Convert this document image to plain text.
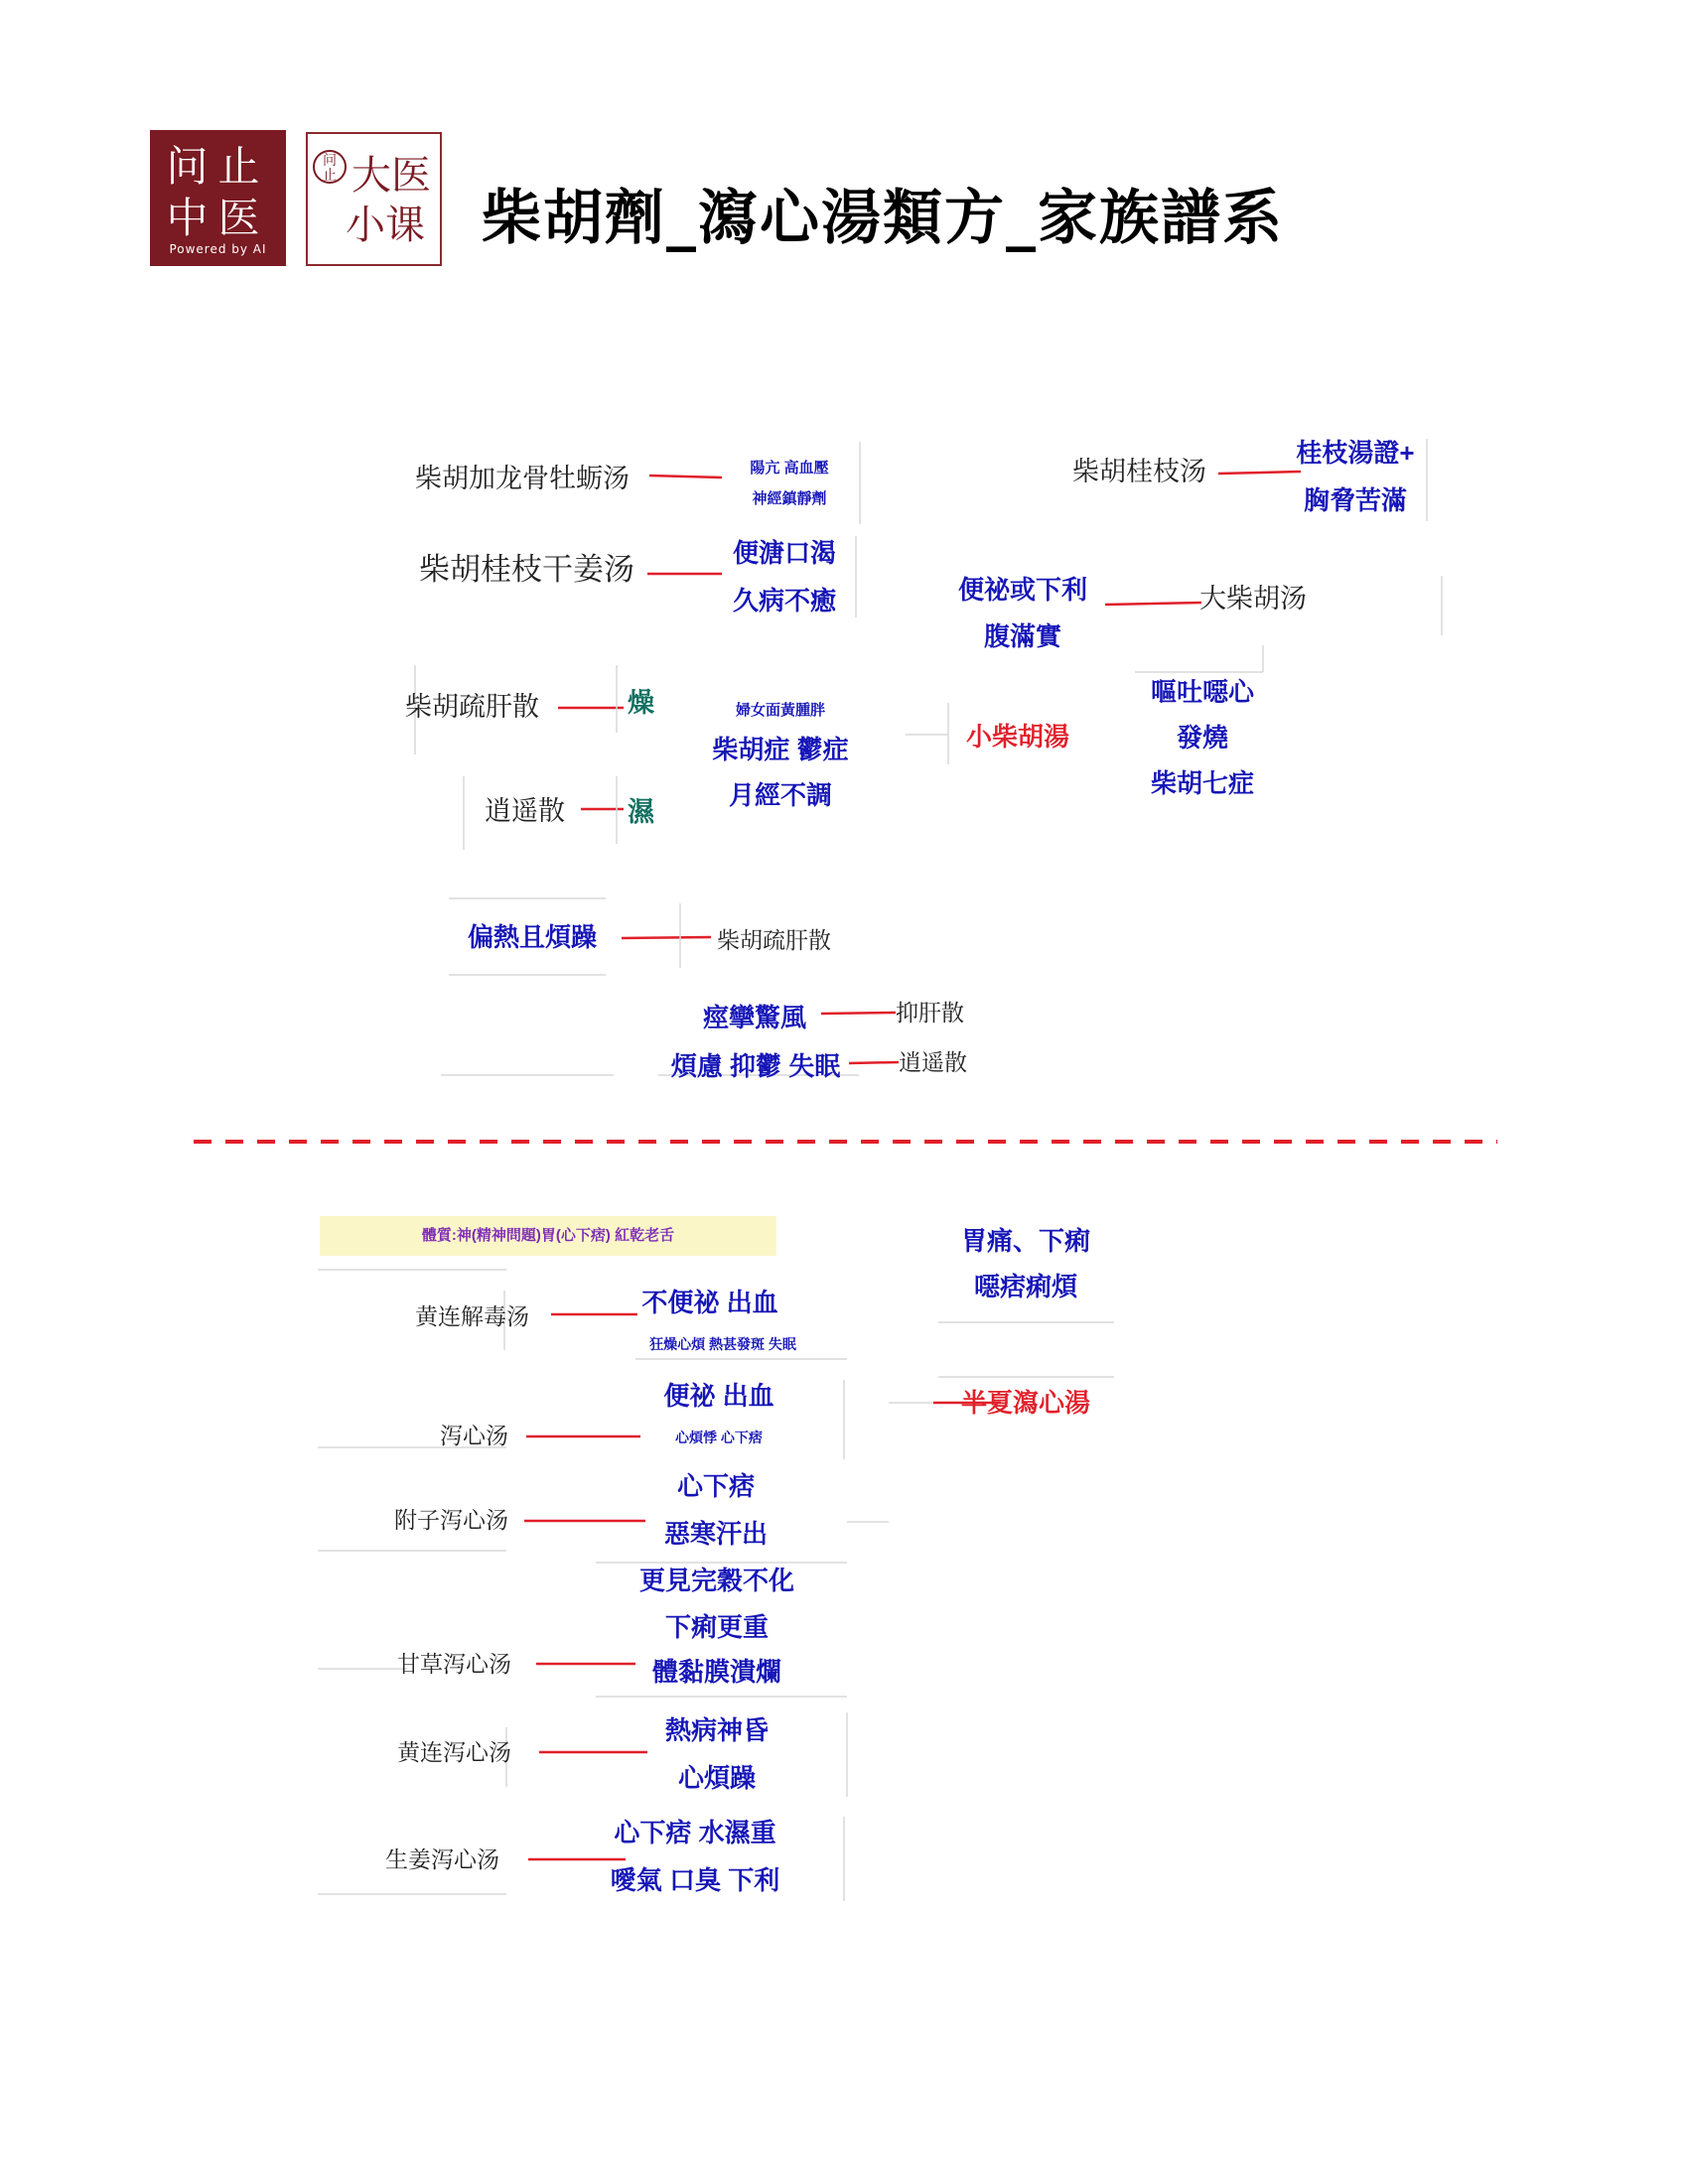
问止
中医
Powered by AI
问
止 大医
小课 柴胡劑_瀉心湯類方_家族譜系
柴胡加龙骨牡蛎汤	陽亢 高血壓
神經鎮靜劑
柴胡桂枝干姜汤	便溏口渴
久病不癒
柴胡疏肝散	燥
逍遥散 濕
婦女面黃腫胖
柴胡症 鬱症
月經不調
小柴胡湯
嘔吐噁心
發燒
柴胡七症
柴胡桂枝汤
桂枝湯證+
胸脅苦滿
便祕或下利
腹滿實
大柴胡汤
偏熱且煩躁	柴胡疏肝散
痙攣驚風	抑肝散
煩慮 抑鬱 失眠	逍遥散
體質:神(精神問題)胃(心下痞) 紅乾老舌
黄连解毒汤	不便祕 出血
狂燥心煩 熱甚發斑 失眠
泻心汤
便祕 出血
心煩悸 心下痞
附子泻心汤
心下痞
惡寒汗出
更見完穀不化
下痢更重
體黏膜潰爛
甘草泻心汤
黄连泻心汤
熱病神昏
心煩躁
生姜泻心汤
心下痞 水濕重
噯氣 口臭 下利
胃痛、下痢
噁痞痢煩
半夏瀉心湯
